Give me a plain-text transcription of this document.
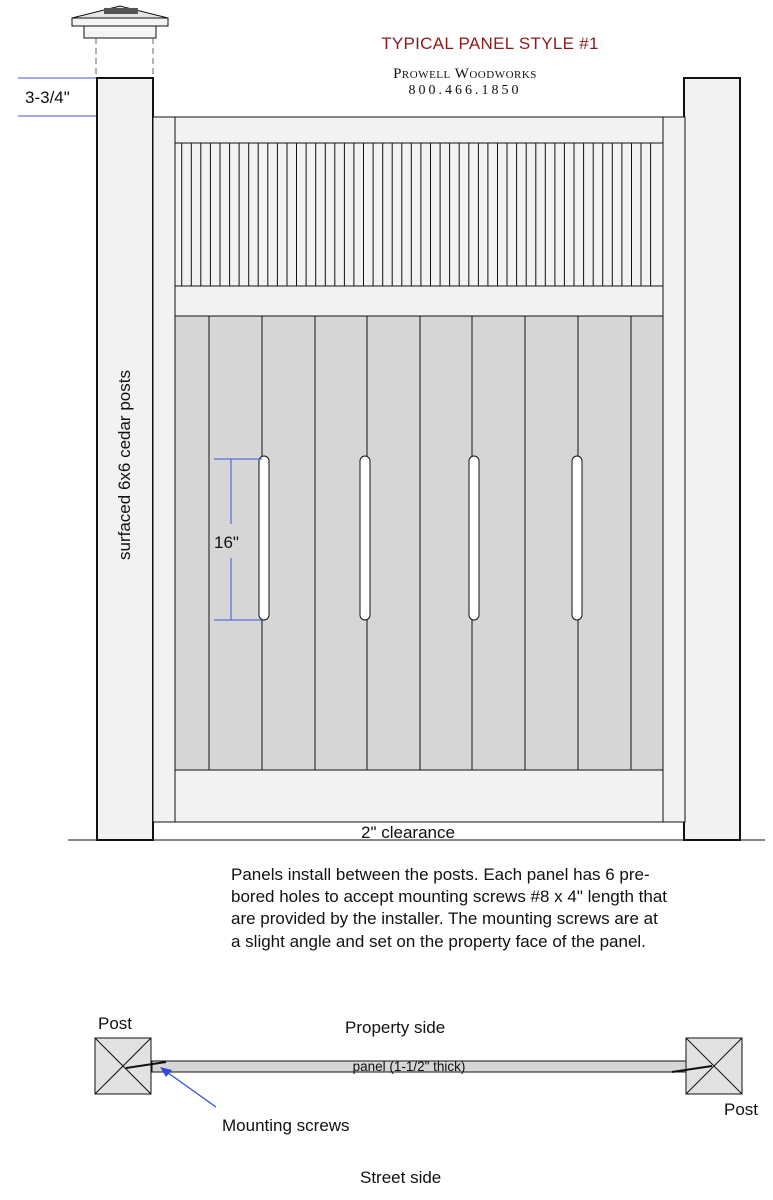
TYPICAL PANEL STYLE #1
Prowell Woodworks
800.466.1850
3-3/4"
surfaced 6x6 cedar posts	16"
2" clearance
panel (1-1/2" thick)
Panels install between the posts. Each panel has 6 pre-bored holes to accept mounting screws #8 x 4" length that are provided by the installer. The mounting screws are at a slight angle and set on the property face of the panel.
Post
Post
Property side
Mounting screws
Street side
